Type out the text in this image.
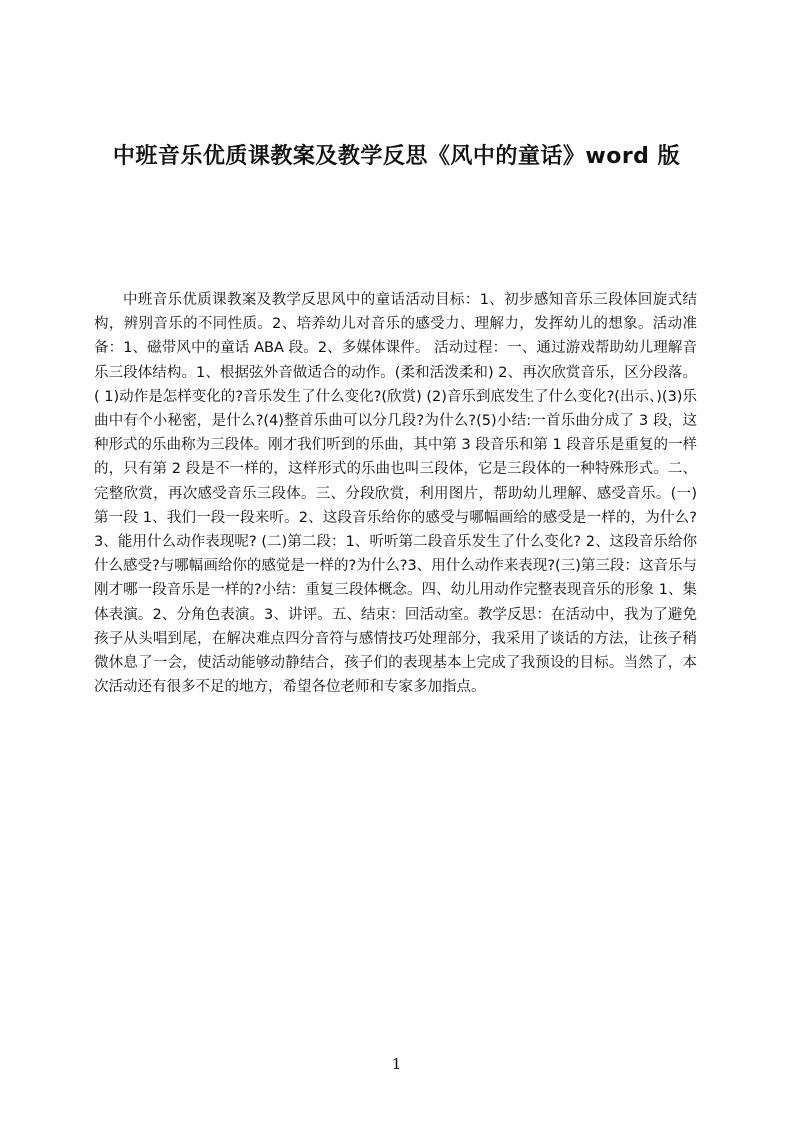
中班音乐优质课教案及教学反思《风中的童话》word 版
中班音乐优质课教案及教学反思风中的童话活动目标：1、初步感知音乐三段体回旋式结构，辨别音乐的不同性质。2、培养幼儿对音乐的感受力、理解力，发挥幼儿的想象。活动准备：1、磁带风中的童话 ABA 段。2、多媒体课件。 活动过程：一、通过游戏帮助幼儿理解音乐三段体结构。1、根据弦外音做适合的动作。(柔和活泼柔和) 2、再次欣赏音乐，区分段落。( 1)动作是怎样变化的?音乐发生了什么变化?(欣赏) (2)音乐到底发生了什么变化?(出示、)(3)乐曲中有个小秘密，是什么?(4)整首乐曲可以分几段?为什么?(5)小结:一首乐曲分成了 3 段，这种形式的乐曲称为三段体。刚才我们听到的乐曲，其中第 3 段音乐和第 1 段音乐是重复的一样的，只有第 2 段是不一样的，这样形式的乐曲也叫三段体，它是三段体的一种特殊形式。二、完整欣赏，再次感受音乐三段体。三、分段欣赏，利用图片，帮助幼儿理解、感受音乐。(一)第一段 1、我们一段一段来听。2、这段音乐给你的感受与哪幅画给的感受是一样的，为什么? 3、能用什么动作表现呢? (二)第二段：1、听听第二段音乐发生了什么变化? 2、这段音乐给你什么感受?与哪幅画给你的感觉是一样的?为什么?3、用什么动作来表现?(三)第三段：这音乐与刚才哪一段音乐是一样的?小结：重复三段体概念。四、幼儿用动作完整表现音乐的形象 1、集体表演。2、分角色表演。3、讲评。五、结束：回活动室。教学反思：在活动中，我为了避免孩子从头唱到尾，在解决难点四分音符与感情技巧处理部分，我采用了谈话的方法，让孩子稍微休息了一会，使活动能够动静结合，孩子们的表现基本上完成了我预设的目标。当然了，本次活动还有很多不足的地方，希望各位老师和专家多加指点。
1
